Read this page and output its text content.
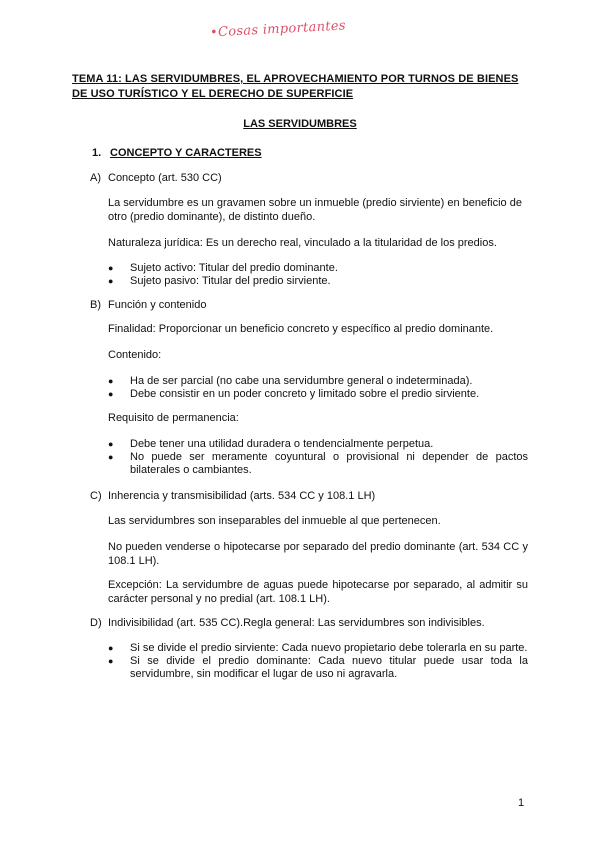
•Cosas importantes
TEMA 11: LAS SERVIDUMBRES, EL APROVECHAMIENTO POR TURNOS DE BIENES DE USO TURÍSTICO Y EL DERECHO DE SUPERFICIE
LAS SERVIDUMBRES
1. CONCEPTO Y CARACTERES
A) Concepto (art. 530 CC)
La servidumbre es un gravamen sobre un inmueble (predio sirviente) en beneficio de otro (predio dominante), de distinto dueño.
Naturaleza jurídica: Es un derecho real, vinculado a la titularidad de los predios.
● Sujeto activo: Titular del predio dominante.
● Sujeto pasivo: Titular del predio sirviente.
B) Función y contenido
Finalidad: Proporcionar un beneficio concreto y específico al predio dominante.
Contenido:
● Ha de ser parcial (no cabe una servidumbre general o indeterminada).
● Debe consistir en un poder concreto y limitado sobre el predio sirviente.
Requisito de permanencia:
● Debe tener una utilidad duradera o tendencialmente perpetua.
● No puede ser meramente coyuntural o provisional ni depender de pactos bilaterales o cambiantes.
C) Inherencia y transmisibilidad (arts. 534 CC y 108.1 LH)
Las servidumbres son inseparables del inmueble al que pertenecen.
No pueden venderse o hipotecarse por separado del predio dominante (art. 534 CC y 108.1 LH).
Excepción: La servidumbre de aguas puede hipotecarse por separado, al admitir su carácter personal y no predial (art. 108.1 LH).
D) Indivisibilidad (art. 535 CC).Regla general: Las servidumbres son indivisibles.
● Si se divide el predio sirviente: Cada nuevo propietario debe tolerarla en su parte.
● Si se divide el predio dominante: Cada nuevo titular puede usar toda la servidumbre, sin modificar el lugar de uso ni agravarla.
1
